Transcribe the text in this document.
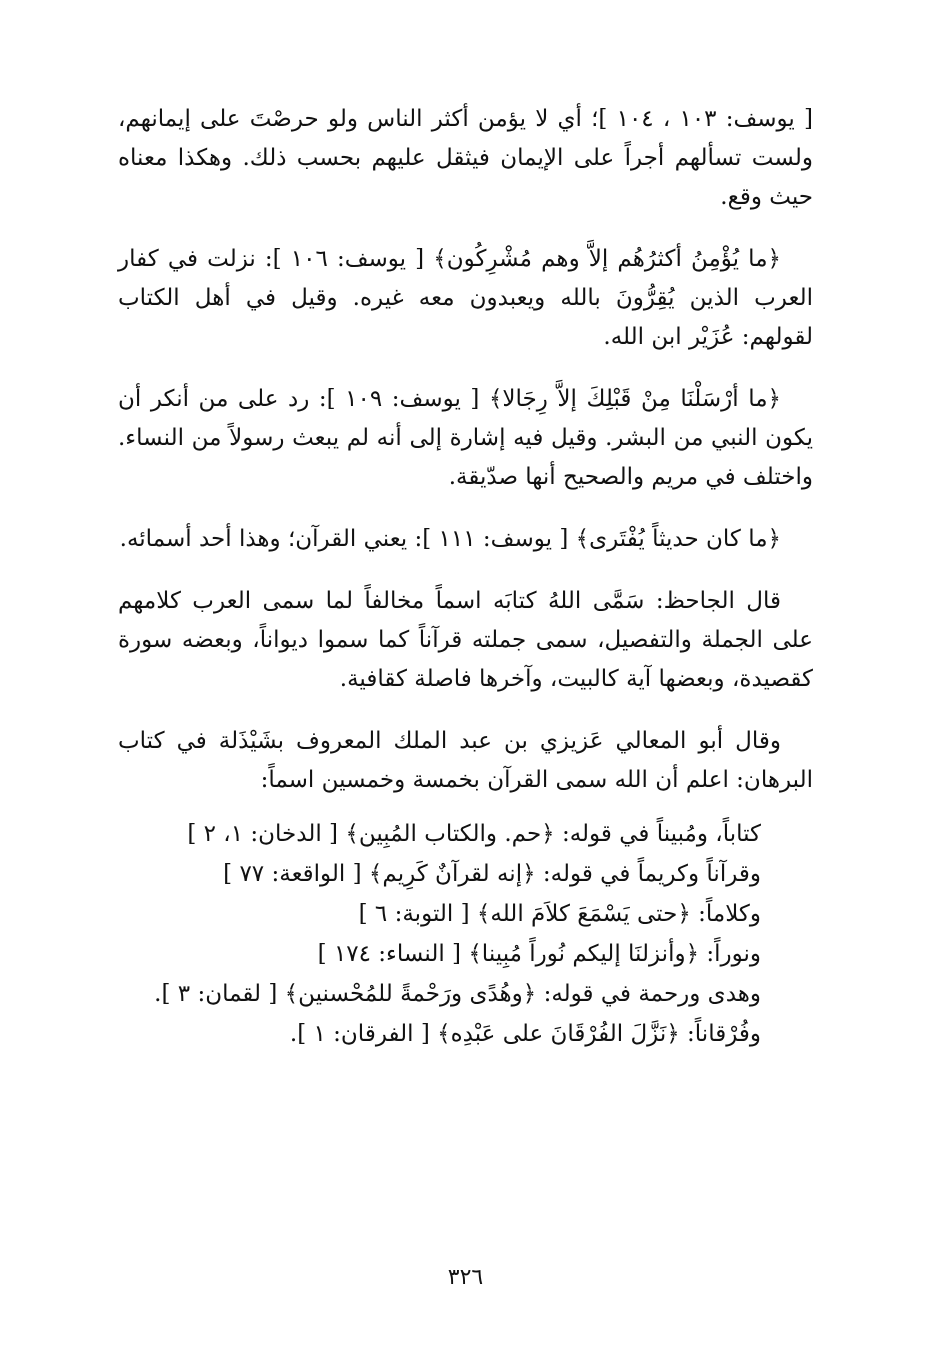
[ يوسف: ١٠٣ ، ١٠٤ ]؛ أي لا يؤمن أكثر الناس ولو حرصْتَ على إيمانهم، ولست تسألهم أجراً على الإيمان فيثقل عليهم بحسب ذلك. وهكذا معناه حيث وقع.

﴿ما يُؤْمِنُ أكثرُهُم إلاَّ وهم مُشْرِكُون﴾ [ يوسف: ١٠٦ ]: نزلت في كفار العرب الذين يُقِرُّونَ بالله ويعبدون معه غيره. وقيل في أهل الكتاب لقولهم: عُزَيْر ابن الله.

﴿ما أرْسَلْنَا مِنْ قَبْلِكَ إلاَّ رِجَالا﴾ [ يوسف: ١٠٩ ]: رد على من أنكر أن يكون النبي من البشر. وقيل فيه إشارة إلى أنه لم يبعث رسولاً من النساء. واختلف في مريم والصحيح أنها صدّيقة.

﴿ما كان حديثاً يُفْتَرى﴾ [ يوسف: ١١١ ]: يعني القرآن؛ وهذا أحد أسمائه.

قال الجاحظ: سَمَّى اللهُ كتابَه اسماً مخالفاً لما سمى العرب كلامهم على الجملة والتفصيل، سمى جملته قرآناً كما سموا ديواناً، وبعضه سورة كقصيدة، وبعضها آية كالبيت، وآخرها فاصلة كقافية.

وقال أبو المعالي عَزيزي بن عبد الملك المعروف بشَيْذَلة في كتاب البرهان: اعلم أن الله سمى القرآن بخمسة وخمسين اسماً:

كتاباً، ومُبيناً في قوله: ﴿حم. والكتاب المُبِين﴾ [ الدخان: ١، ٢ ]
وقرآناً وكريماً في قوله: ﴿إنه لقرآنٌ كَرِيم﴾ [ الواقعة: ٧٧ ]
وكلاماً: ﴿حتى يَسْمَعَ كلاَمَ الله﴾ [ التوبة: ٦ ]
ونوراً: ﴿وأنزلنَا إليكم نُوراً مُبِينا﴾ [ النساء: ١٧٤ ]
وهدى ورحمة في قوله: ﴿وهُدًى ورَحْمةً للمُحْسنين﴾ [ لقمان: ٣ ].
وفُرْقاناً: ﴿نَزَّلَ الفُرْقَانَ على عَبْدِه﴾ [ الفرقان: ١ ].
٣٢٦
